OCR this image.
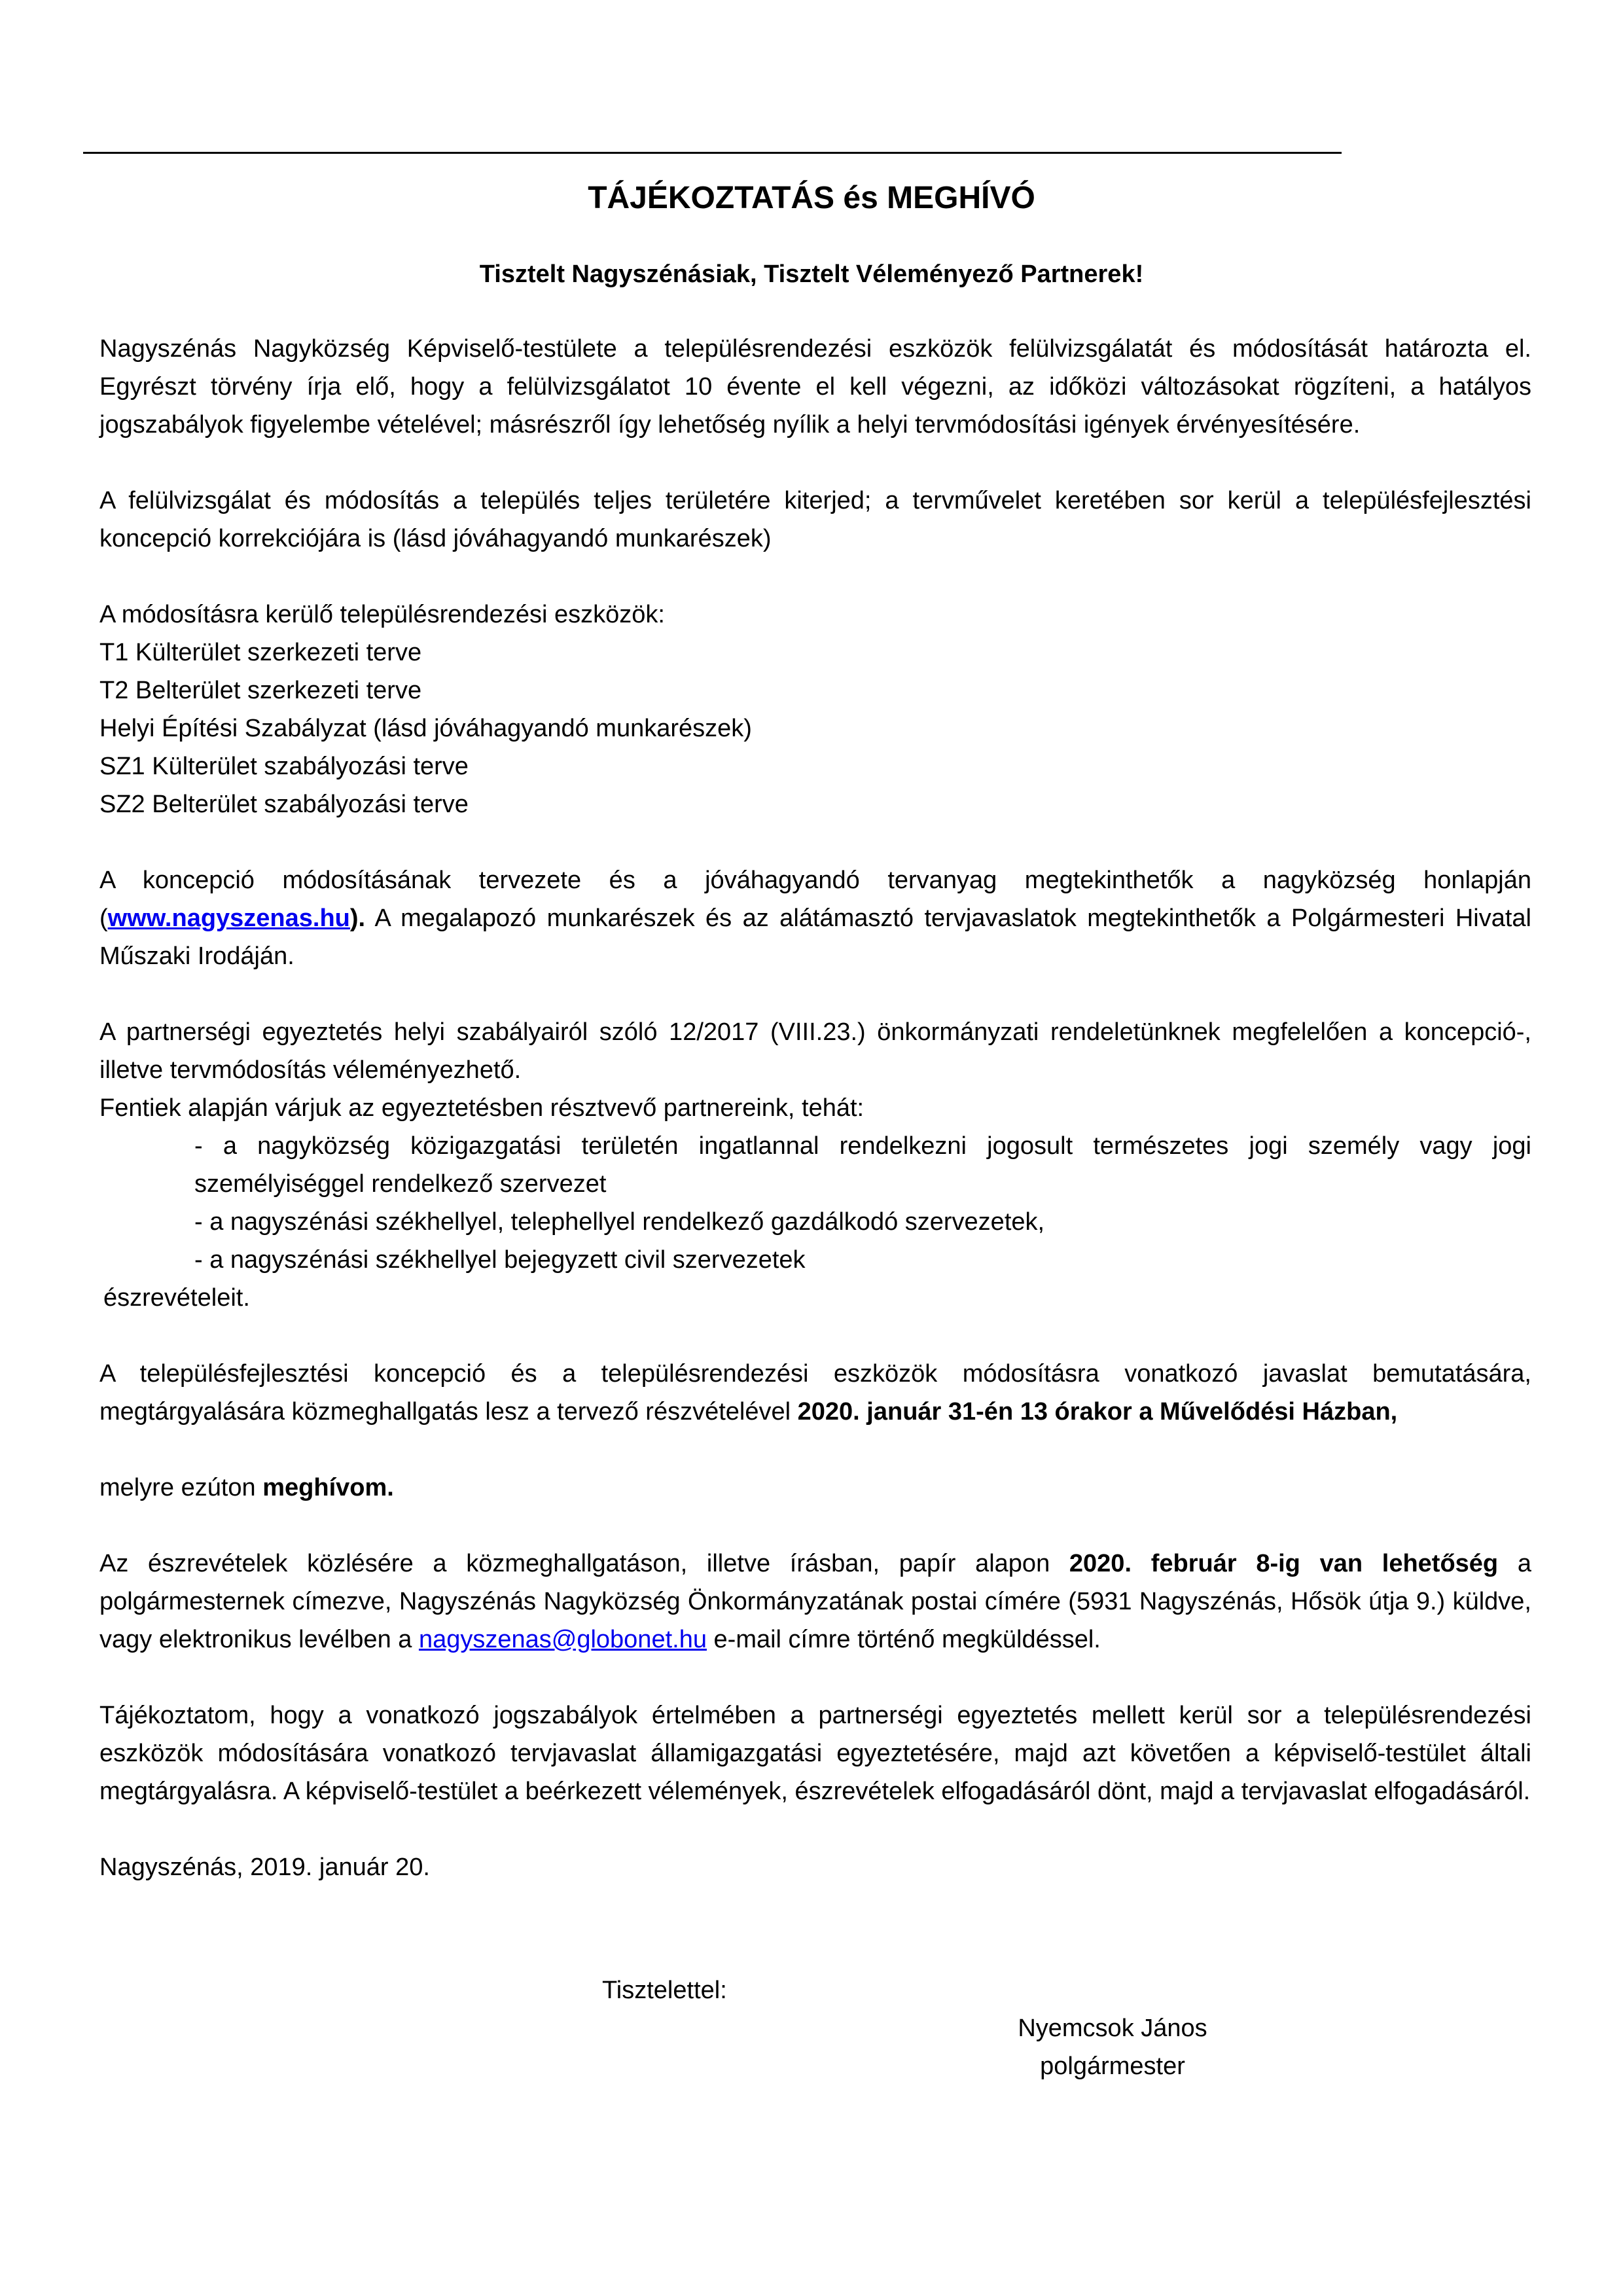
TÁJÉKOZTATÁS és MEGHÍVÓ
Tisztelt Nagyszénásiak, Tisztelt Véleményező Partnerek!

Nagyszénás Nagyközség Képviselő-testülete a településrendezési eszközök felülvizsgálatát és módosítását határozta el. Egyrészt törvény írja elő, hogy a felülvizsgálatot 10 évente el kell végezni, az időközi változásokat rögzíteni, a hatályos jogszabályok figyelembe vételével; másrészről így lehetőség nyílik a helyi tervmódosítási igények érvényesítésére.

A felülvizsgálat és módosítás a település teljes területére kiterjed; a tervművelet keretében sor kerül a településfejlesztési koncepció korrekciójára is (lásd jóváhagyandó munkarészek)

A módosításra kerülő településrendezési eszközök:
T1 Külterület szerkezeti terve
T2 Belterület szerkezeti terve
Helyi Építési Szabályzat (lásd jóváhagyandó munkarészek)
SZ1 Külterület szabályozási terve
SZ2 Belterület szabályozási terve

A koncepció módosításának tervezete és a jóváhagyandó tervanyag megtekinthetők a nagyközség honlapján (www.nagyszenas.hu). A megalapozó munkarészek és az alátámasztó tervjavaslatok megtekinthetők a Polgármesteri Hivatal Műszaki Irodáján.

A partnerségi egyeztetés helyi szabályairól szóló 12/2017 (VIII.23.) önkormányzati rendeletünknek megfelelően a koncepció-, illetve tervmódosítás véleményezhető.

Fentiek alapján várjuk az egyeztetésben résztvevő partnereink, tehát:
- a nagyközség közigazgatási területén ingatlannal rendelkezni jogosult természetes jogi személy vagy jogi személyiséggel rendelkező szervezet
- a nagyszénási székhellyel, telephellyel rendelkező gazdálkodó szervezetek,
- a nagyszénási székhellyel bejegyzett civil szervezetek
észrevételeit.

A településfejlesztési koncepció és a településrendezési eszközök módosításra vonatkozó javaslat bemutatására, megtárgyalására közmeghallgatás lesz a tervező részvételével 2020. január 31-én 13 órakor a Művelődési Házban,

melyre ezúton meghívom.

Az észrevételek közlésére a közmeghallgatáson, illetve írásban, papír alapon 2020. február 8-ig van lehetőség a polgármesternek címezve, Nagyszénás Nagyközség Önkormányzatának postai címére (5931 Nagyszénás, Hősök útja 9.) küldve, vagy elektronikus levélben a nagyszenas@globonet.hu e-mail címre történő megküldéssel.

Tájékoztatom, hogy a vonatkozó jogszabályok értelmében a partnerségi egyeztetés mellett kerül sor a településrendezési eszközök módosítására vonatkozó tervjavaslat államigazgatási egyeztetésére, majd azt követően a képviselő-testület általi megtárgyalásra. A képviselő-testület a beérkezett vélemények, észrevételek elfogadásáról dönt, majd a tervjavaslat elfogadásáról.

Nagyszénás, 2019. január 20.

Tisztelettel:
Nyemcsok János
polgármester
